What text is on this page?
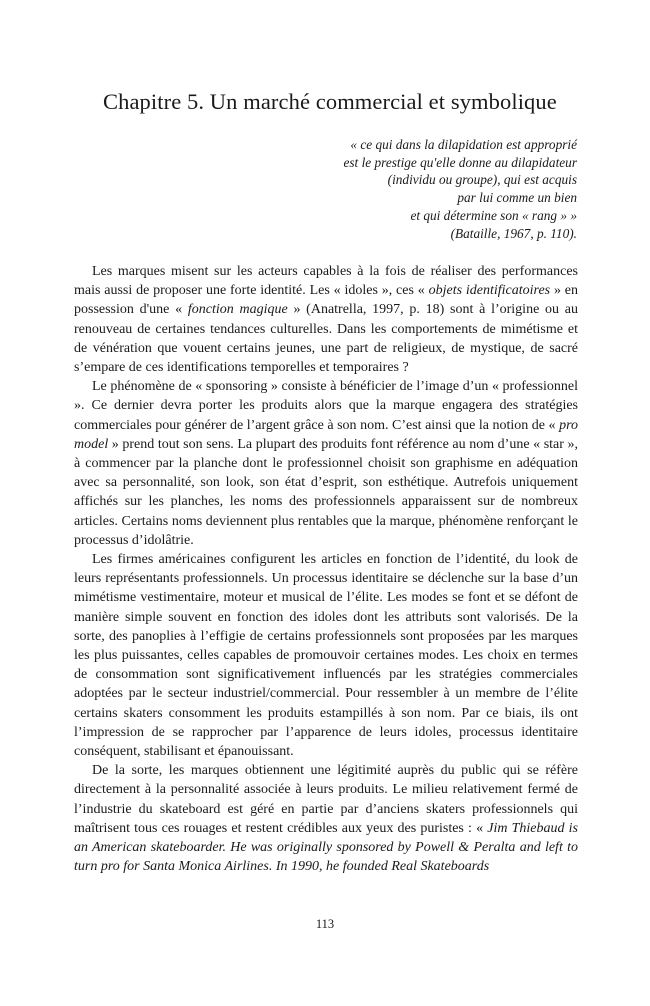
Chapitre 5. Un marché commercial et symbolique
« ce qui dans la dilapidation est approprié
est le prestige qu'elle donne au dilapidateur
(individu ou groupe), qui est acquis
par lui comme un bien
et qui détermine son « rang » »
(Bataille, 1967, p. 110).

Les marques misent sur les acteurs capables à la fois de réaliser des performances mais aussi de proposer une forte identité. Les « idoles », ces « objets identificatoires » en possession d'une « fonction magique » (Anatrella, 1997, p. 18) sont à l’origine ou au renouveau de certaines tendances culturelles. Dans les comportements de mimétisme et de vénération que vouent certains jeunes, une part de religieux, de mystique, de sacré s’empare de ces identifications temporelles et temporaires ?

Le phénomène de « sponsoring » consiste à bénéficier de l’image d’un « professionnel ». Ce dernier devra porter les produits alors que la marque engagera des stratégies commerciales pour générer de l’argent grâce à son nom. C’est ainsi que la notion de « pro model » prend tout son sens. La plupart des produits font référence au nom d’une « star », à commencer par la planche dont le professionnel choisit son graphisme en adéquation avec sa personnalité, son look, son état d’esprit, son esthétique. Autrefois uniquement affichés sur les planches, les noms des professionnels apparaissent sur de nombreux articles. Certains noms deviennent plus rentables que la marque, phénomène renforçant le processus d’idolâtrie.

Les firmes américaines configurent les articles en fonction de l’identité, du look de leurs représentants professionnels. Un processus identitaire se déclenche sur la base d’un mimétisme vestimentaire, moteur et musical de l’élite. Les modes se font et se défont de manière simple souvent en fonction des idoles dont les attributs sont valorisés. De la sorte, des panoplies à l’effigie de certains professionnels sont proposées par les marques les plus puissantes, celles capables de promouvoir certaines modes. Les choix en termes de consommation sont significativement influencés par les stratégies commerciales adoptées par le secteur industriel/commercial. Pour ressembler à un membre de l’élite certains skaters consomment les produits estampillés à son nom. Par ce biais, ils ont l’impression de se rapprocher par l’apparence de leurs idoles, processus identitaire conséquent, stabilisant et épanouissant.

De la sorte, les marques obtiennent une légitimité auprès du public qui se réfère directement à la personnalité associée à leurs produits. Le milieu relativement fermé de l’industrie du skateboard est géré en partie par d’anciens skaters professionnels qui maîtrisent tous ces rouages et restent crédibles aux yeux des puristes : « Jim Thiebaud is an American skateboarder. He was originally sponsored by Powell & Peralta and left to turn pro for Santa Monica Airlines. In 1990, he founded Real Skateboards

113
